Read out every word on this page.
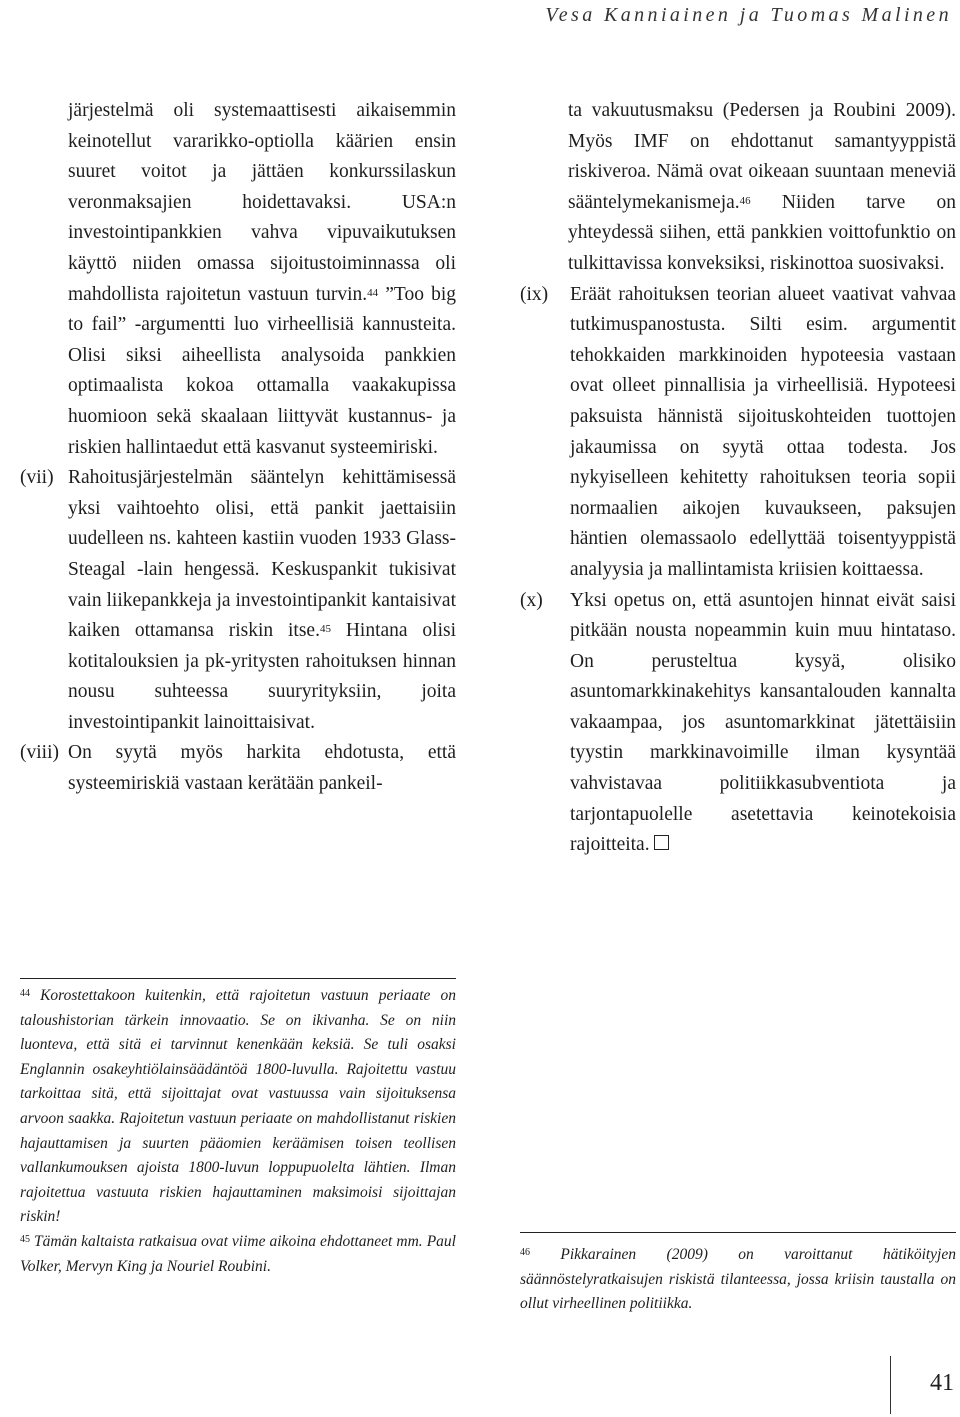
Vesa Kanniainen ja Tuomas Malinen

järjestelmä oli systemaattisesti aikaisemmin keinotellut vararikko-optiolla käärien ensin suuret voitot ja jättäen konkurssilaskun veronmaksajien hoidettavaksi. USA:n investointipankkien vahva vipuvaikutuksen käyttö niiden omassa sijoitustoiminnassa oli mahdollista rajoitetun vastuun turvin.$^{44}$ ”Too big to fail” -argumentti luo virheellisiä kannusteita. Olisi siksi aiheellista analysoida pankkien optimaalista kokoa ottamalla vaakakupissa huomioon sekä skaalaan liittyvät kustannus- ja riskien hallintaedut että kasvanut systeemiriski.

(vii) Rahoitusjärjestelmän sääntelyn kehittämisessä yksi vaihtoehto olisi, että pankit jaettaisiin uudelleen ns. kahteen kastiin vuoden 1933 Glass-Steagal -lain hengessä. Keskuspankit tukisivat vain liikepankkeja ja investointipankit kantaisivat kaiken ottamansa riskin itse.$^{45}$ Hintana olisi kotitalouksien ja pk-yritysten rahoituksen hinnan nousu suhteessa suuryrityksiin, joita investointipankit lainoittaisivat.

(viii) On syytä myös harkita ehdotusta, että systeemiriskiä vastaan kerätään pankeil-

$^{44}$ Korostettakoon kuitenkin, että rajoitetun vastuun periaate on taloushistorian tärkein innovaatio. Se on ikivanha. Se on niin luonteva, että sitä ei tarvinnut kenenkään keksiä. Se tuli osaksi Englannin osakeyhtiölainsäädäntöä 1800-luvulla. Rajoitettu vastuu tarkoittaa sitä, että sijoittajat ovat vastuussa vain sijoituksensa arvoon saakka. Rajoitetun vastuun periaate on mahdollistanut riskien hajauttamisen ja suurten pääomien keräämisen toisen teollisen vallankumouksen ajoista 1800-luvun loppupuolelta lähtien. Ilman rajoitettua vastuuta riskien hajauttaminen maksimoisi sijoittajan riskin!

$^{45}$ Tämän kaltaista ratkaisua ovat viime aikoina ehdottaneet mm. Paul Volker, Mervyn King ja Nouriel Roubini.

ta vakuutusmaksu (Pedersen ja Roubini 2009). Myös IMF on ehdottanut samantyyppistä riskiveroa. Nämä ovat oikeaan suuntaan meneviä sääntelymekanismeja.$^{46}$ Niiden tarve on yhteydessä siihen, että pankkien voittofunktio on tulkittavissa konveksiksi, riskinottoa suosivaksi.

(ix)	Eräät rahoituksen teorian alueet vaativat vahvaa tutkimuspanostusta. Silti esim. argumentit tehokkaiden markkinoiden hypoteesia vastaan ovat olleet pinnallisia ja virheellisiä. Hypoteesi paksuista hännistä sijoituskohteiden tuottojen jakaumissa on syytä ottaa todesta. Jos nykyiselleen kehitetty rahoituksen teoria sopii normaalien aikojen kuvaukseen, paksujen häntien olemassaolo edellyttää toisentyyppistä analyysia ja mallintamista kriisien koittaessa.

(x)	Yksi opetus on, että asuntojen hinnat eivät saisi pitkään nousta nopeammin kuin muu hintataso. On perusteltua kysyä, olisiko asuntomarkkinakehitys kansantalouden kannalta vakaampaa, jos asuntomarkkinat jätettäisiin tyystin markkinavoimille ilman kysyntää vahvistavaa politiikkasubventiota ja tarjontapuolelle asetettavia keinotekoisia rajoitteita.

$^{46}$ Pikkarainen (2009) on varoittanut hätiköityjen säännöstelyratkaisujen riskistä tilanteessa, jossa kriisin taustalla on ollut virheellinen politiikka.

41
